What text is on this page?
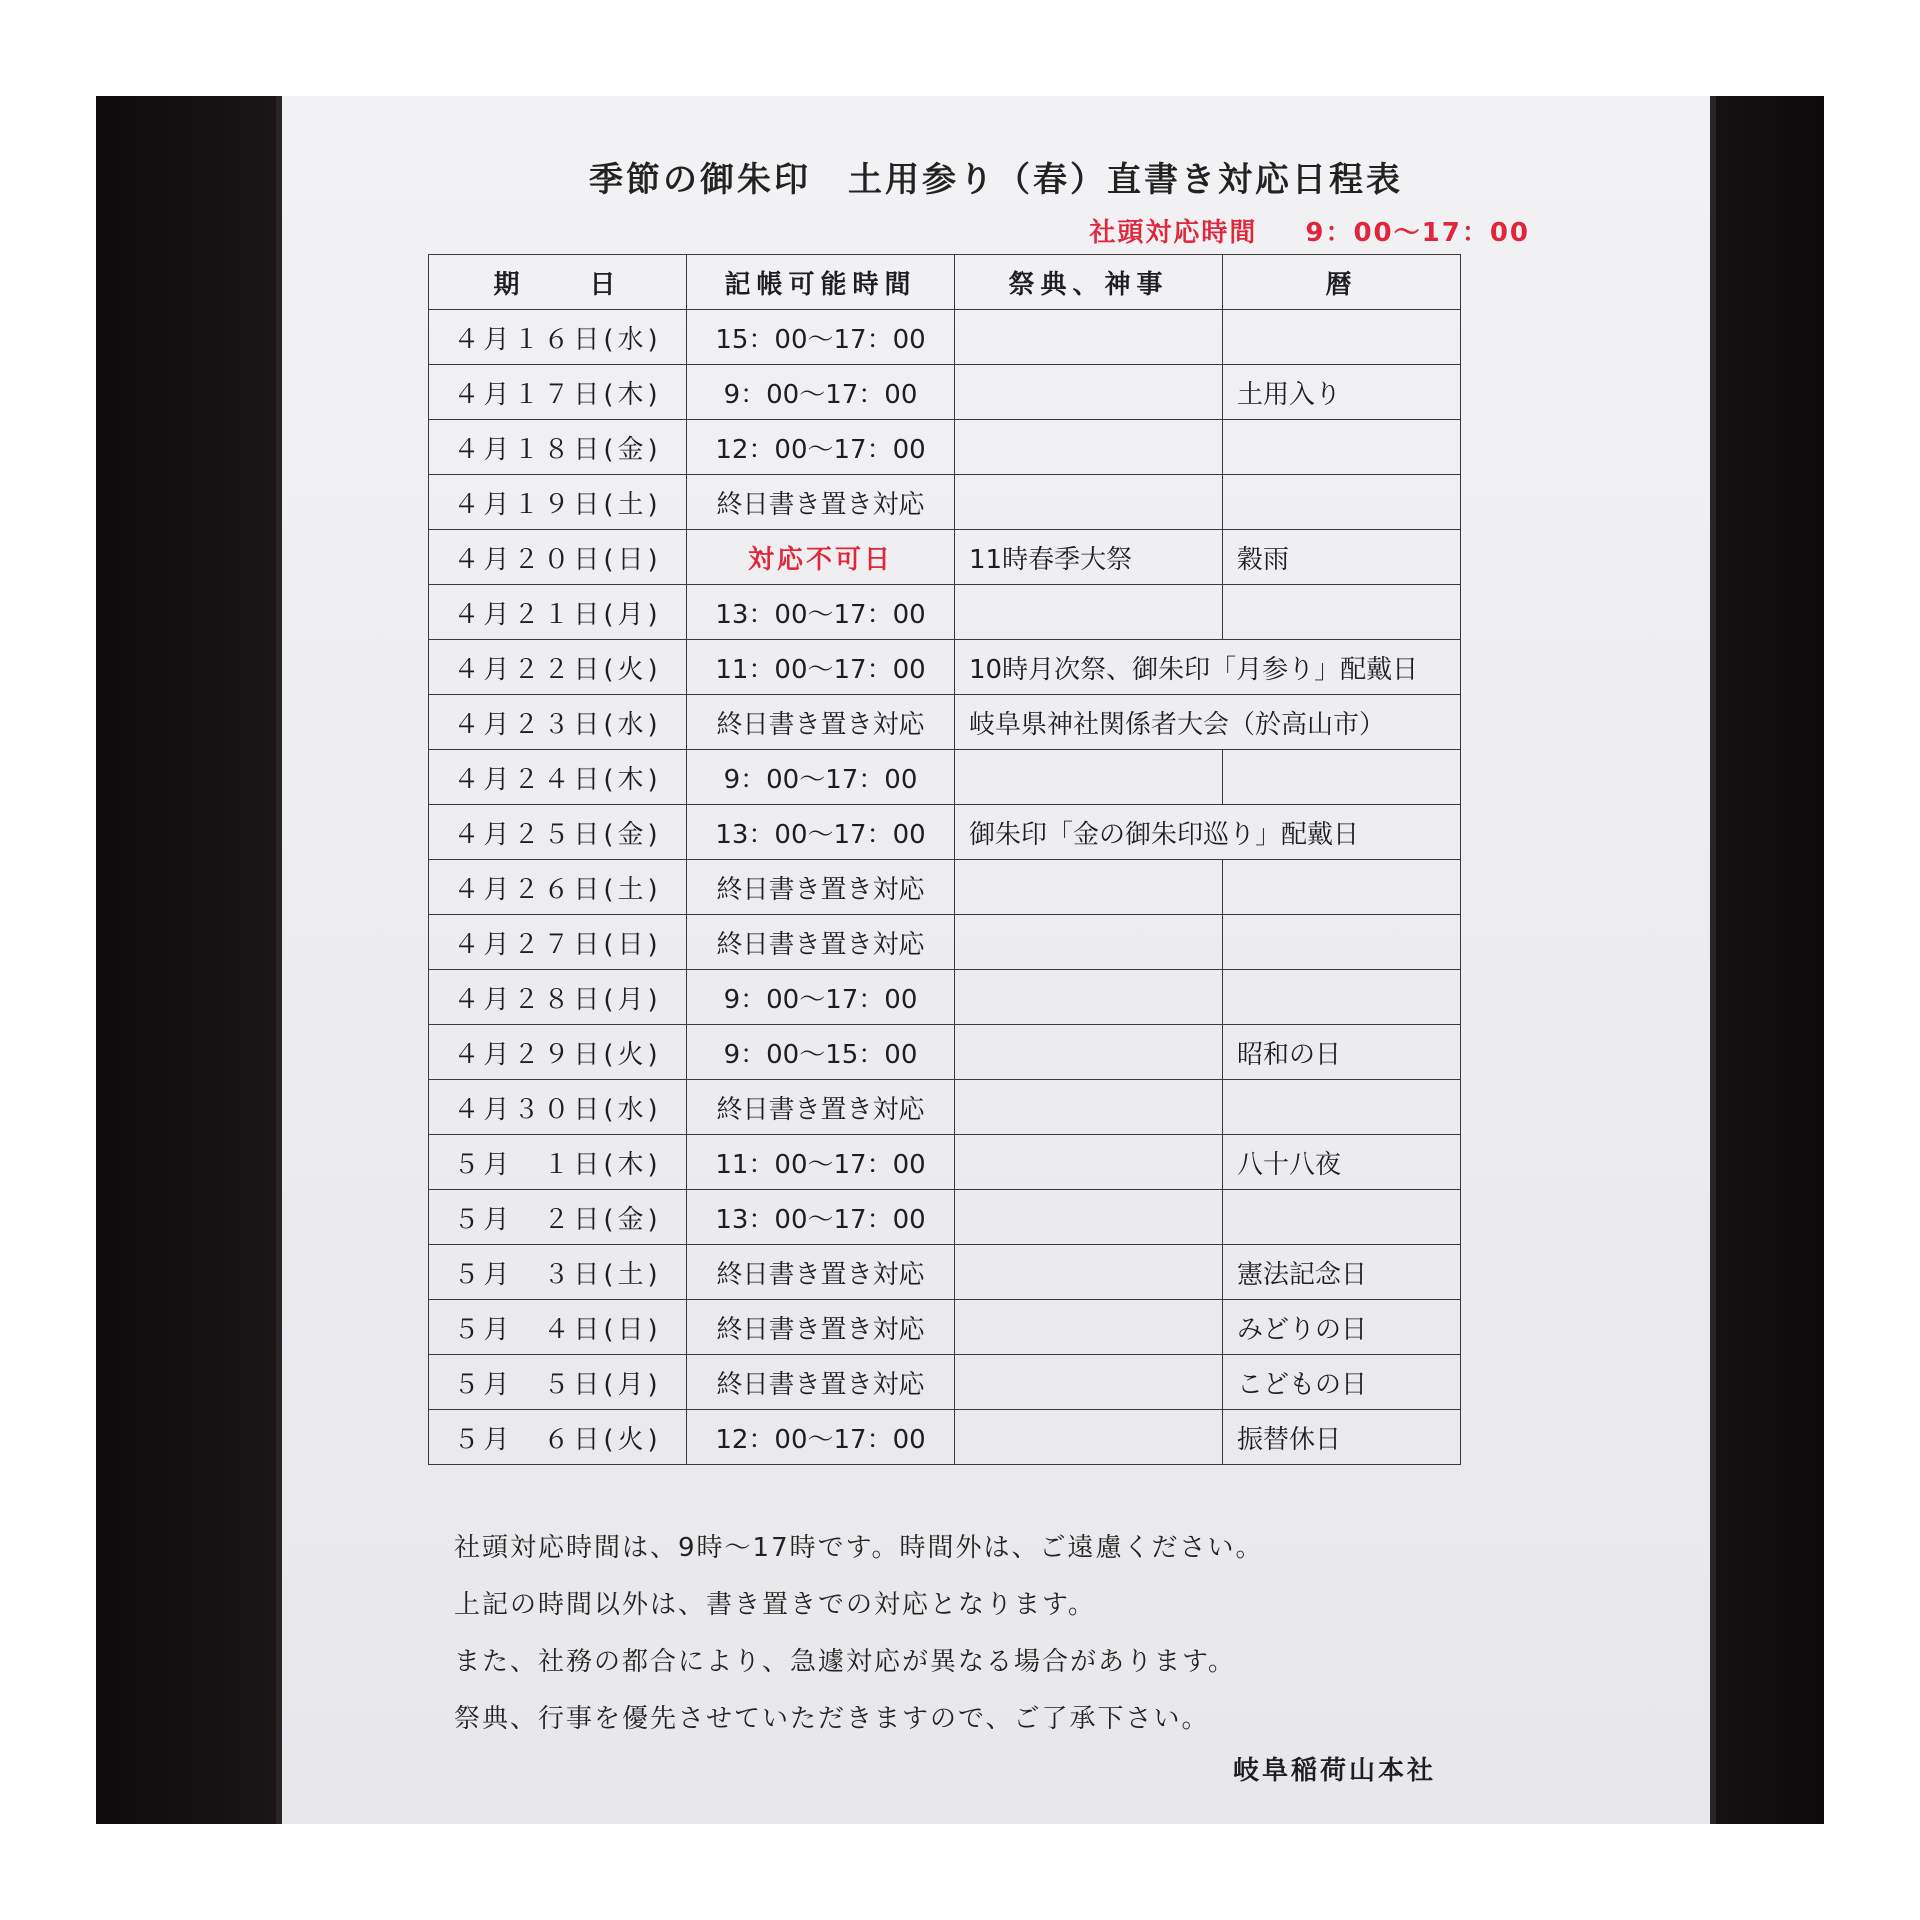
季節の御朱印　土用参り（春）直書き対応日程表
社頭対応時間 9：00～17：00
期　　日	記帳可能時間	祭典、神事	暦
４月１６日(水)	15：00～17：00		
４月１７日(木)	9：00～17：00		土用入り
４月１８日(金)	12：00～17：00		
４月１９日(土)	終日書き置き対応		
４月２０日(日)	対応不可日	11時春季大祭	穀雨
４月２１日(月)	13：00～17：00		
４月２２日(火)	11：00～17：00	10時月次祭、御朱印「月参り」配戴日	
４月２３日(水)	終日書き置き対応	岐阜県神社関係者大会（於高山市）	
４月２４日(木)	9：00～17：00		
４月２５日(金)	13：00～17：00	御朱印「金の御朱印巡り」配戴日	
４月２６日(土)	終日書き置き対応		
４月２７日(日)	終日書き置き対応		
４月２８日(月)	9：00～17：00		
４月２９日(火)	9：00～15：00		昭和の日
４月３０日(水)	終日書き置き対応		
５月　１日(木)	11：00～17：00		八十八夜
５月　２日(金)	13：00～17：00		
５月　３日(土)	終日書き置き対応		憲法記念日
５月　４日(日)	終日書き置き対応		みどりの日
５月　５日(月)	終日書き置き対応		こどもの日
５月　６日(火)	12：00～17：00		振替休日
社頭対応時間は、9時～17時です。時間外は、ご遠慮ください。
上記の時間以外は、書き置きでの対応となります。
また、社務の都合により、急遽対応が異なる場合があります。
祭典、行事を優先させていただきますので、ご了承下さい。
岐阜稲荷山本社
